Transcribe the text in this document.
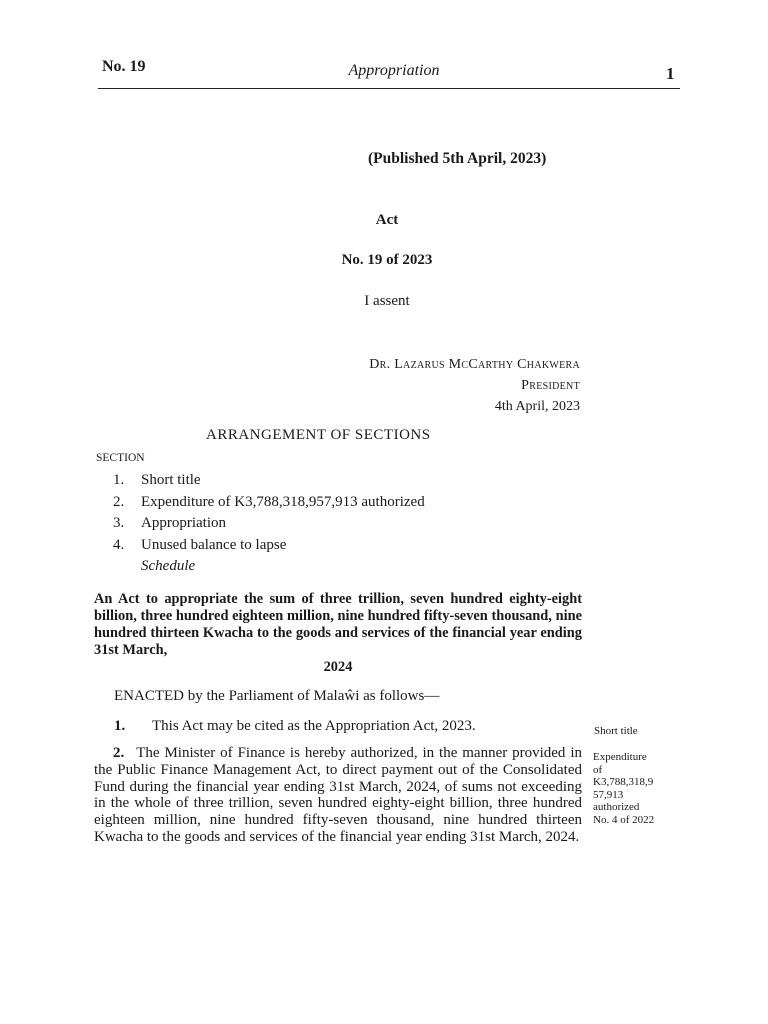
No. 19	Appropriation	1
(Published 5th April, 2023)
Act
No. 19 of 2023
I assent
Dr. Lazarus McCarthy Chakwera
President
4th April, 2023
ARRANGEMENT OF SECTIONS
SECTION
1.	Short title
2.	Expenditure of K3,788,318,957,913 authorized
3.	Appropriation
4.	Unused balance to lapse
Schedule
An Act to appropriate the sum of three trillion, seven hundred eighty-eight billion, three hundred eighteen million, nine hundred fifty-seven thousand, nine hundred thirteen Kwacha to the goods and services of the financial year ending 31st March,
2024
ENACTED by the Parliament of Malaŵi as follows—
1. This Act may be cited as the Appropriation Act, 2023.
2. The Minister of Finance is hereby authorized, in the manner provided in the Public Finance Management Act, to direct payment out of the Consolidated Fund during the financial year ending 31st March, 2024, of sums not exceeding in the whole of three trillion, seven hundred eighty-eight billion, three hundred eighteen million, nine hundred fifty-seven thousand, nine hundred thirteen Kwacha to the goods and services of the financial year ending 31st March, 2024.
Short title
Expenditure
of
K3,788,318,9
57,913
authorized
No. 4 of 2022
